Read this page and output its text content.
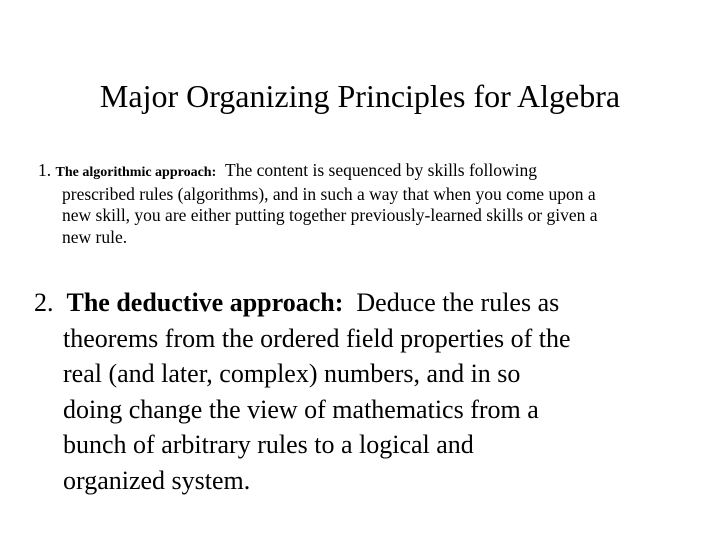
Major Organizing Principles for Algebra
1. The algorithmic approach: The content is sequenced by skills following
prescribed rules (algorithms), and in such a way that when you come upon a
new skill, you are either putting together previously-learned skills or given a
new rule.
2. The deductive approach: Deduce the rules as
theorems from the ordered field properties of the
real (and later, complex) numbers, and in so
doing change the view of mathematics from a
bunch of arbitrary rules to a logical and
organized system.
